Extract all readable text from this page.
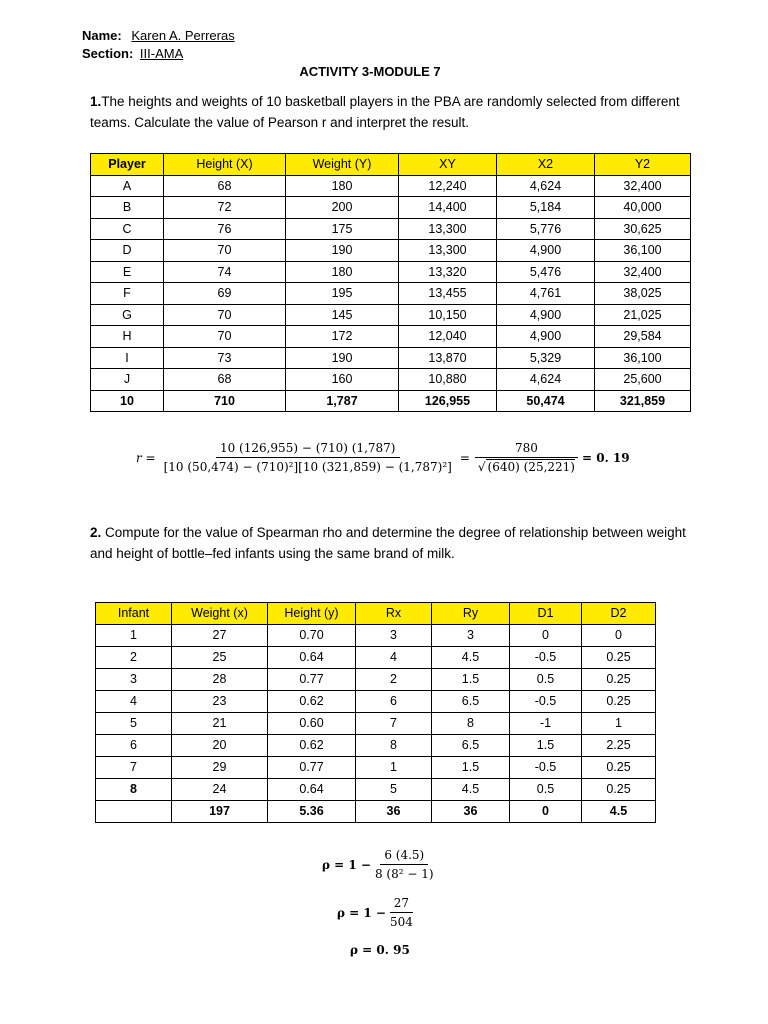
Name: Karen A. Perreras
Section: III-AMA
ACTIVITY 3-MODULE 7
1.The heights and weights of 10 basketball players in the PBA are randomly selected from different teams. Calculate the value of Pearson r and interpret the result.
Player	Height (X)	Weight (Y)	XY	X2	Y2
A	68	180	12,240	4,624	32,400
B	72	200	14,400	5,184	40,000
C	76	175	13,300	5,776	30,625
D	70	190	13,300	4,900	36,100
E	74	180	13,320	5,476	32,400
F	69	195	13,455	4,761	38,025
G	70	145	10,150	4,900	21,025
H	70	172	12,040	4,900	29,584
I	73	190	13,870	5,329	36,100
J	68	160	10,880	4,624	25,600
10	710	1,787	126,955	50,474	321,859
$r = \frac{10 (126,955) - (710) (1,787)}{\text{[10 (50,474) − (710)²][10 (321,859) − (1,787)²]}} = \frac{780}{√ (640) (25,221)} = 0$. 19
2. Compute for the value of Spearman rho and determine the degree of relationship between weight and height of bottle–fed infants using the same brand of milk.
Infant	Weight (x)	Height (y)	Rx	Ry	D1	D2
1	27	0.70	3	3	0	0
2	25	0.64	4	4.5	-0.5	0.25
3	28	0.77	2	1.5	0.5	0.25
4	23	0.62	6	6.5	-0.5	0.25
5	21	0.60	7	8	-1	1
6	20	0.62	8	6.5	1.5	2.25
7	29	0.77	1	1.5	-0.5	0.25
8	24	0.64	5	4.5	0.5	0.25
	197	5.36	36	36	0	4.5
$\rho = 1 - \frac{6 (4.5)}{\text{8 (8² − 1)}}$
$\rho = 1 - \frac{27}{504}$
ρ = 0. 95
